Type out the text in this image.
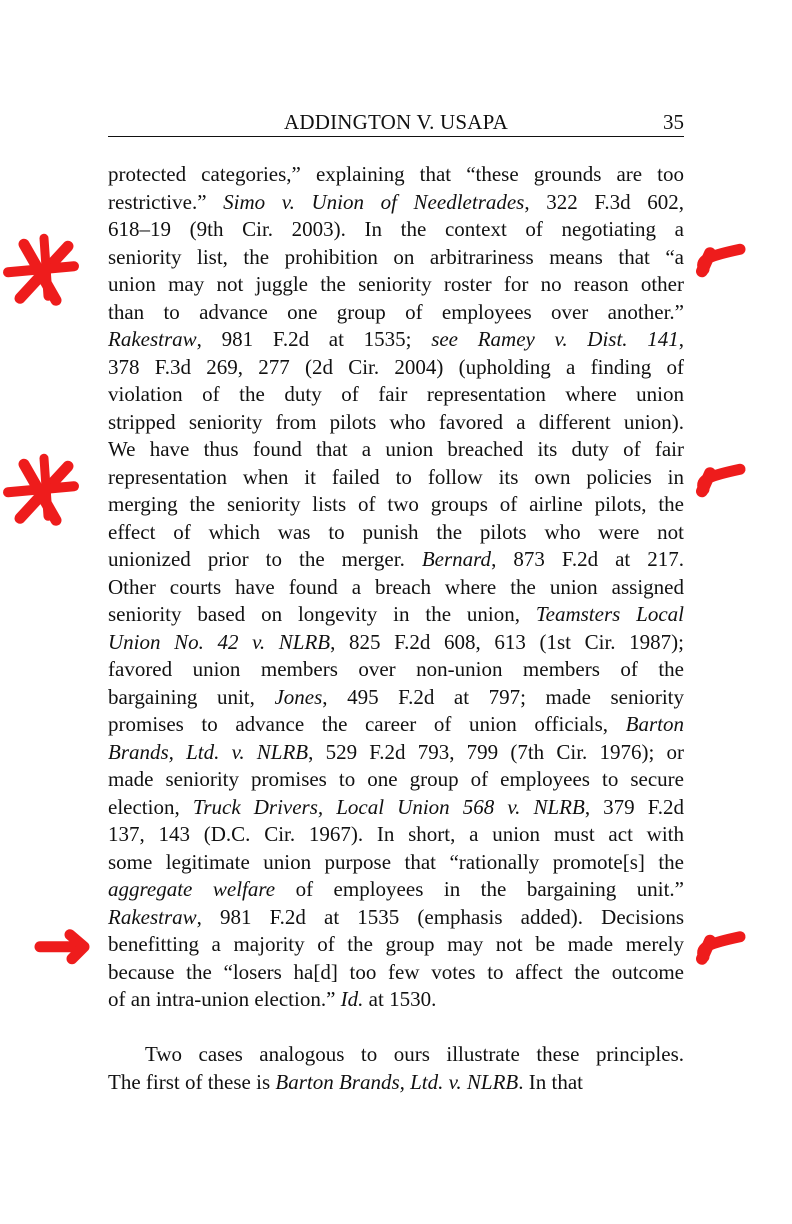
ADDINGTON V. USAPA	35
protected categories,” explaining that “these grounds are too
restrictive.” Simo v. Union of Needletrades, 322 F.3d 602,
618–19 (9th Cir. 2003). In the context of negotiating a
seniority list, the prohibition on arbitrariness means that “a
union may not juggle the seniority roster for no reason other
than to advance one group of employees over another.”
Rakestraw, 981 F.2d at 1535; see Ramey v. Dist. 141,
378 F.3d 269, 277 (2d Cir. 2004) (upholding a finding of
violation of the duty of fair representation where union
stripped seniority from pilots who favored a different union).
We have thus found that a union breached its duty of fair
representation when it failed to follow its own policies in
merging the seniority lists of two groups of airline pilots, the
effect of which was to punish the pilots who were not
unionized prior to the merger. Bernard, 873 F.2d at 217.
Other courts have found a breach where the union assigned
seniority based on longevity in the union, Teamsters Local
Union No. 42 v. NLRB, 825 F.2d 608, 613 (1st Cir. 1987);
favored union members over non-union members of the
bargaining unit, Jones, 495 F.2d at 797; made seniority
promises to advance the career of union officials, Barton
Brands, Ltd. v. NLRB, 529 F.2d 793, 799 (7th Cir. 1976); or
made seniority promises to one group of employees to secure
election, Truck Drivers, Local Union 568 v. NLRB, 379 F.2d
137, 143 (D.C. Cir. 1967). In short, a union must act with
some legitimate union purpose that “rationally promote[s] the
aggregate welfare of employees in the bargaining unit.”
Rakestraw, 981 F.2d at 1535 (emphasis added). Decisions
benefitting a majority of the group may not be made merely
because the “losers ha[d] too few votes to affect the outcome
of an intra-union election.” Id. at 1530.
Two cases analogous to ours illustrate these principles.
The first of these is Barton Brands, Ltd. v. NLRB. In that
